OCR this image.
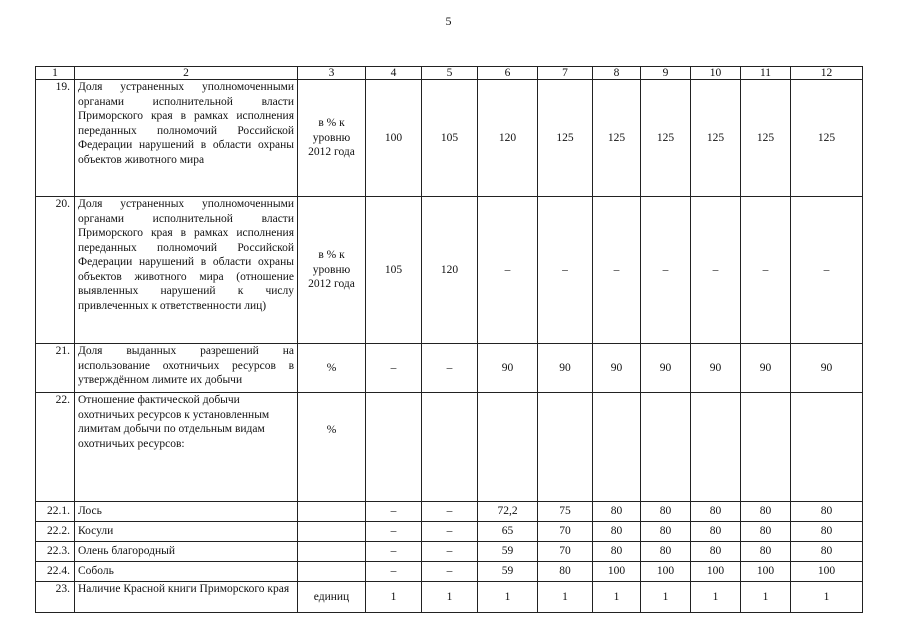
5
1	2	3	4	5	6	7	8	9	10	11	12
19.	Доля устраненных уполномоченными органами исполнительной власти Приморского края в рамках исполнения переданных полномочий Российской Федерации нарушений в области охраны объектов животного мира	в % к уровню 2012 года	100	105	120	125	125	125	125	125	125
20.	Доля устраненных уполномоченными органами исполнительной власти Приморского края в рамках исполнения переданных полномочий Российской Федерации нарушений в области охраны объектов животного мира (отношение выявленных нарушений к числу привлеченных к ответственности лиц)	в % к уровню 2012 года	105	120	–	–	–	–	–	–	–
21.	Доля выданных разрешений на использование охотничьих ресурсов в утверждённом лимите их добычи	%	–	–	90	90	90	90	90	90	90
22.	Отношение фактической добычи охотничьих ресурсов к установленным лимитам добычи по отдельным видам охотничьих ресурсов:	%									
22.1.	Лось		–	–	72,2	75	80	80	80	80	80
22.2.	Косули		–	–	65	70	80	80	80	80	80
22.3.	Олень благородный		–	–	59	70	80	80	80	80	80
22.4.	Соболь		–	–	59	80	100	100	100	100	100
23.	Наличие Красной книги Приморского края	единиц	1	1	1	1	1	1	1	1	1
